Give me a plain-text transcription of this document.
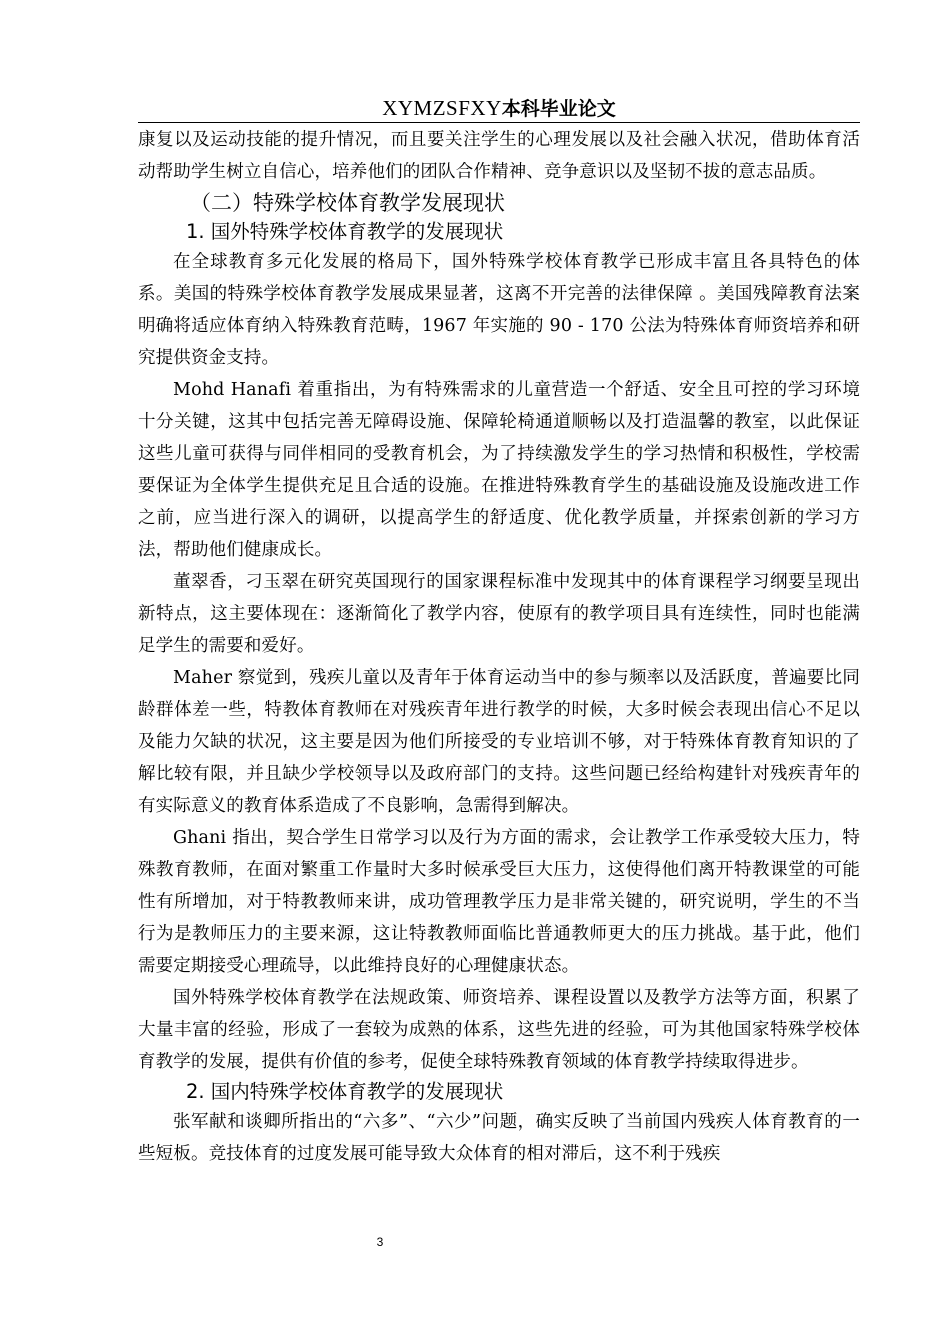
XYMZSFXY本科毕业论文

康复以及运动技能的提升情况，而且要关注学生的心理发展以及社会融入状况，借助体育活动帮助学生树立自信心，培养他们的团队合作精神、竞争意识以及坚韧不拔的意志品质。

（二）特殊学校体育教学发展现状

1. 国外特殊学校体育教学的发展现状

在全球教育多元化发展的格局下，国外特殊学校体育教学已形成丰富且各具特色的体系。美国的特殊学校体育教学发展成果显著，这离不开完善的法律保障 。美国残障教育法案明确将适应体育纳入特殊教育范畴，1967 年实施的 90 - 170 公法为特殊体育师资培养和研究提供资金支持。

Mohd Hanafi 着重指出，为有特殊需求的儿童营造一个舒适、安全且可控的学习环境十分关键，这其中包括完善无障碍设施、保障轮椅通道顺畅以及打造温馨的教室，以此保证这些儿童可获得与同伴相同的受教育机会，为了持续激发学生的学习热情和积极性，学校需要保证为全体学生提供充足且合适的设施。在推进特殊教育学生的基础设施及设施改进工作之前，应当进行深入的调研，以提高学生的舒适度、优化教学质量，并探索创新的学习方法，帮助他们健康成长。

董翠香，刁玉翠在研究英国现行的国家课程标准中发现其中的体育课程学习纲要呈现出新特点，这主要体现在：逐渐简化了教学内容，使原有的教学项目具有连续性，同时也能满足学生的需要和爱好。

Maher 察觉到，残疾儿童以及青年于体育运动当中的参与频率以及活跃度，普遍要比同龄群体差一些，特教体育教师在对残疾青年进行教学的时候，大多时候会表现出信心不足以及能力欠缺的状况，这主要是因为他们所接受的专业培训不够，对于特殊体育教育知识的了解比较有限，并且缺少学校领导以及政府部门的支持。这些问题已经给构建针对残疾青年的有实际意义的教育体系造成了不良影响，急需得到解决。

Ghani 指出，契合学生日常学习以及行为方面的需求，会让教学工作承受较大压力，特殊教育教师，在面对繁重工作量时大多时候承受巨大压力，这使得他们离开特教课堂的可能性有所增加，对于特教教师来讲，成功管理教学压力是非常关键的，研究说明，学生的不当行为是教师压力的主要来源，这让特教教师面临比普通教师更大的压力挑战。基于此，他们需要定期接受心理疏导，以此维持良好的心理健康状态。

国外特殊学校体育教学在法规政策、师资培养、课程设置以及教学方法等方面，积累了大量丰富的经验，形成了一套较为成熟的体系，这些先进的经验，可为其他国家特殊学校体育教学的发展，提供有价值的参考，促使全球特殊教育领域的体育教学持续取得进步。

2. 国内特殊学校体育教学的发展现状

张军献和谈卿所指出的“六多”、“六少”问题，确实反映了当前国内残疾人体育教育的一些短板。竞技体育的过度发展可能导致大众体育的相对滞后，这不利于残疾

3
